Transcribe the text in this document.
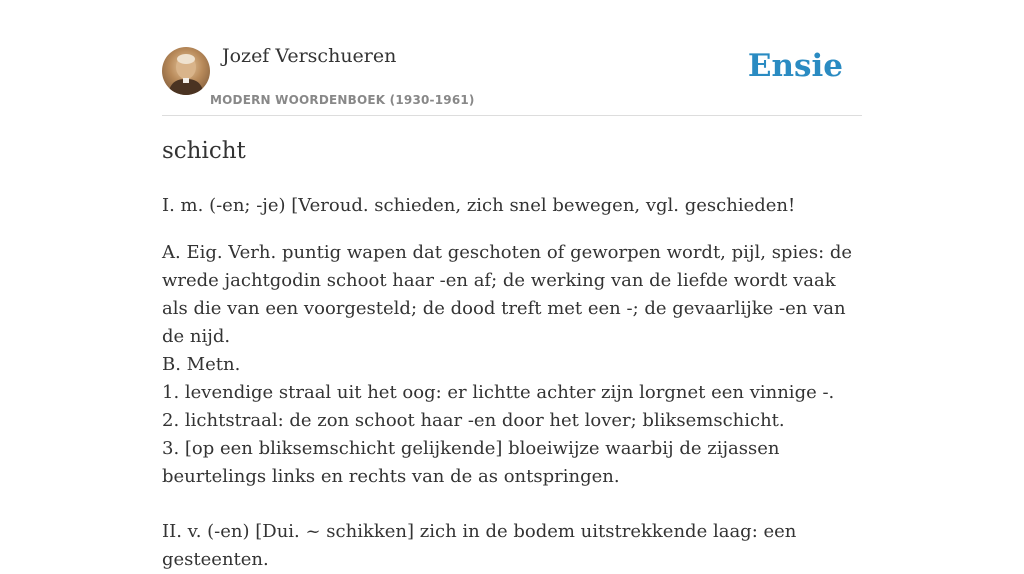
Jozef Verschueren
MODERN WOORDENBOEK (1930-1961)
Ensie
schicht

I. m. (-en; -je) [Veroud. schieden, zich snel bewegen, vgl. geschieden!

A. Eig. Verh. puntig wapen dat geschoten of geworpen wordt, pijl, spies: de wrede jachtgodin schoot haar -en af; de werking van de liefde wordt vaak als die van een voorgesteld; de dood treft met een -; de gevaarlijke -en van de nijd.

B. Metn.

1. levendige straal uit het oog: er lichtte achter zijn lorgnet een vinnige -.

2. lichtstraal: de zon schoot haar -en door het lover; bliksemschicht.

3. [op een bliksemschicht gelijkende] bloeiwijze waarbij de zijassen beurtelings links en rechts van de as ontspringen.

II. v. (-en) [Dui. ~ schikken] zich in de bodem uitstrekkende laag: een gesteenten.
